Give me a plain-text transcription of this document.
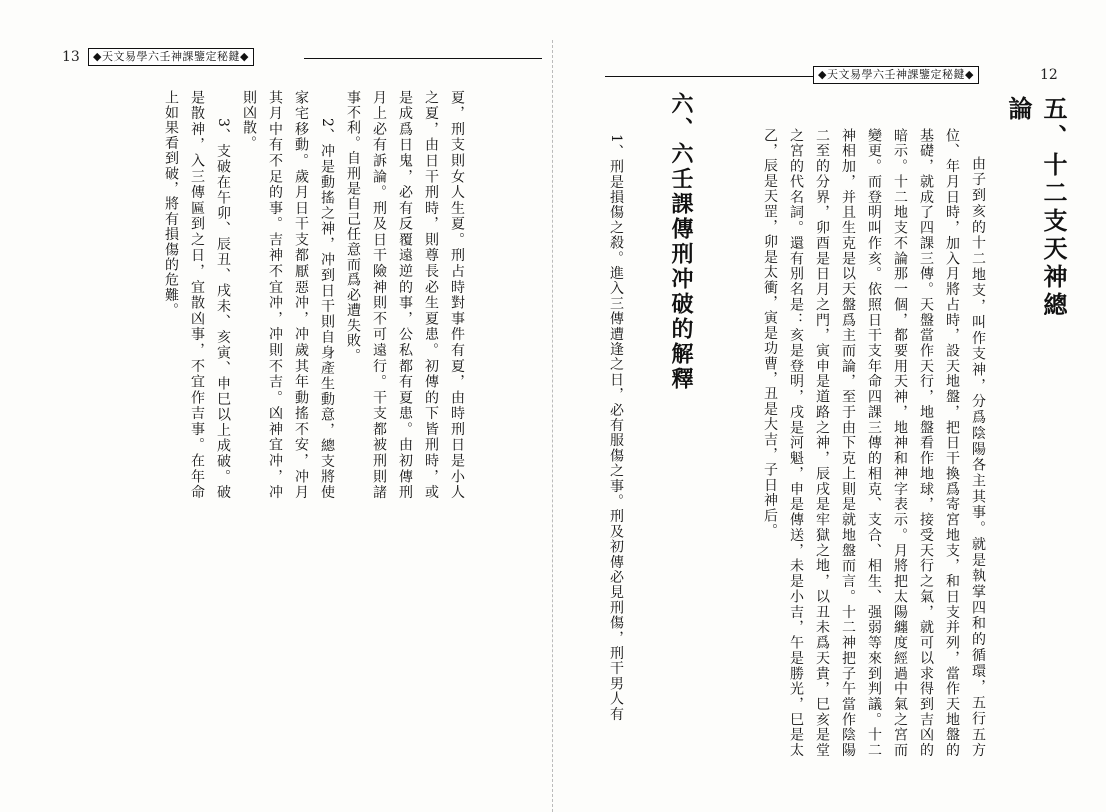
13	◆天文易學六壬神課鑒定秘鍵◆

夏，刑支則女人生夏。刑占時對事件有夏，由時刑日是小人之夏，由日干刑時，則尊長必生夏患。初傳的下皆刑時，或是成爲日鬼，必有反覆遠逆的事，公私都有夏患。由初傳刑月上必有訴論。刑及日干險神則不可遠行。干支都被刑則諸事不利。自刑是自己任意而爲必遭失敗。

2、冲是動搖之神，冲到日干則自身產生動意，總支將使家宅移動。歲月日干支都厭惡冲，冲歲其年動搖不安，冲月其月中有不足的事。吉神不宜冲，冲則不吉。凶神宜冲，冲則凶散。

3、支破在午卯、辰丑、戌未、亥寅、申巳以上成破。破是散神，入三傳匾到之日，宜散凶事，不宜作吉事。在年命上如果看到破，將有損傷的危難。

◆天文易學六壬神課鑒定秘鍵◆	12
五、十二支天神總論

由子到亥的十二地支，叫作支神，分爲陰陽各主其事。就是執掌四和的循環，五行五方位、年月日時，加入月將占時，設天地盤，把日干換爲寄宮地支，和日支并列，當作天地盤的基礎，就成了四課三傳。天盤當作天行，地盤看作地球，接受天行之氣，就可以求得到吉凶的暗示。十二地支不論那一個，都要用天神，地神和神字表示。月將把太陽纏度經過中氣之宮而變更。而登明叫作亥。依照日干支年命四課三傳的相克、支合、相生、强弱等來到判議。十二神相加，并且生克是以天盤爲主而論，至于由下克上則是就地盤而言。十二神把子午當作陰陽二至的分界，卯酉是日月之門，寅申是道路之神，辰戌是牢獄之地，以丑未爲天貴，巳亥是堂之宮的代名詞。還有別名是：亥是登明，戌是河魁，申是傳送，未是小吉，午是勝光，巳是太乙，辰是天罡，卯是太衝，寅是功曹，丑是大吉，子日神后。

六、六壬課傳刑冲破的解釋

1、刑是損傷之殺。進入三傳遭逢之日，必有服傷之事。刑及初傳必見刑傷，刑干男人有
